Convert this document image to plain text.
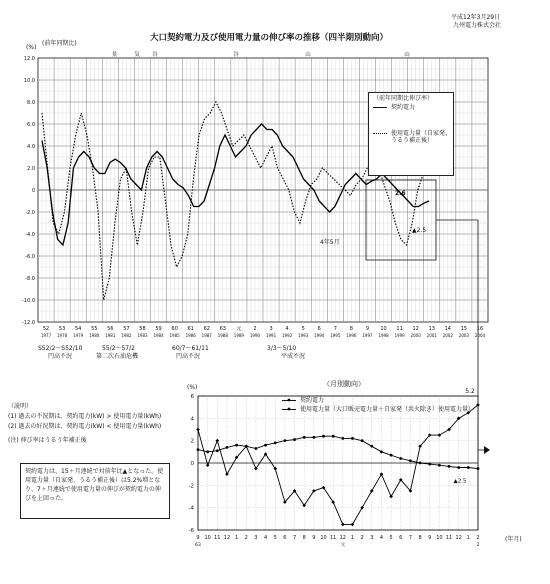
平成12年3月29日
九州電力株式会社
大口契約電力及び使用電力量の伸び率の推移（四半期別動向）
12.0
10.0
8.0
6.0
4.0
2.0
0
-2.0
-4.0
-6.0
-8.0
-10.0
-12.0
52
1977
53
1978
54
1979
55
1980
56
1981
57
1982
58
1983
59
1984
60
1985
61
1986
62
1987
63
1988
元
1989
2
1990
3
1991
4
1992
5
1993
6
1994
7
1995
8
1996
9
1997
10
1998
11
1999
12
2000
13
2001
14
2002
15
2003
16
2004
景	気 谷	谷	山	山
6
4
2
0
-2
-4
-6
9
63
10 11 12 1 2 3 4 5 6 7 8 9 10 11 12
元
1 2 3 4 5 6 7 8 9 10 11 12 1 2
2
5.2
▲2.5
（前年同期比伸び率）
契約電力
使用電力量（自家発、うるう補正後）
S52/2〜S52/10
円高不況
55/2〜57/2
第二次石油危機
60/7〜61/11
円高不況
3/3〜5/10
平成不況
4年5月
2.6
▲2.5
（説明）
(1) 過去の不況期は、契約電力(kW) > 使用電力量(kWh)
(2) 過去の好況期は、契約電力(kW) < 使用電力量(kWh)
(注) 伸び率はうるう年補正後
契約電力は、15ヶ月連続で対前年比▲となった。使用電力量（自家発、うるう補正後）は5.2%増となり、7ヶ月連続で使用電力量の伸びが契約電力の伸びを上回った。
（月別動向）
(%)
(年月)
(%)
(前年同期比)
契約電力
使用電力量（大口販売電力量＋自家発（共火除き）使用電力量）
